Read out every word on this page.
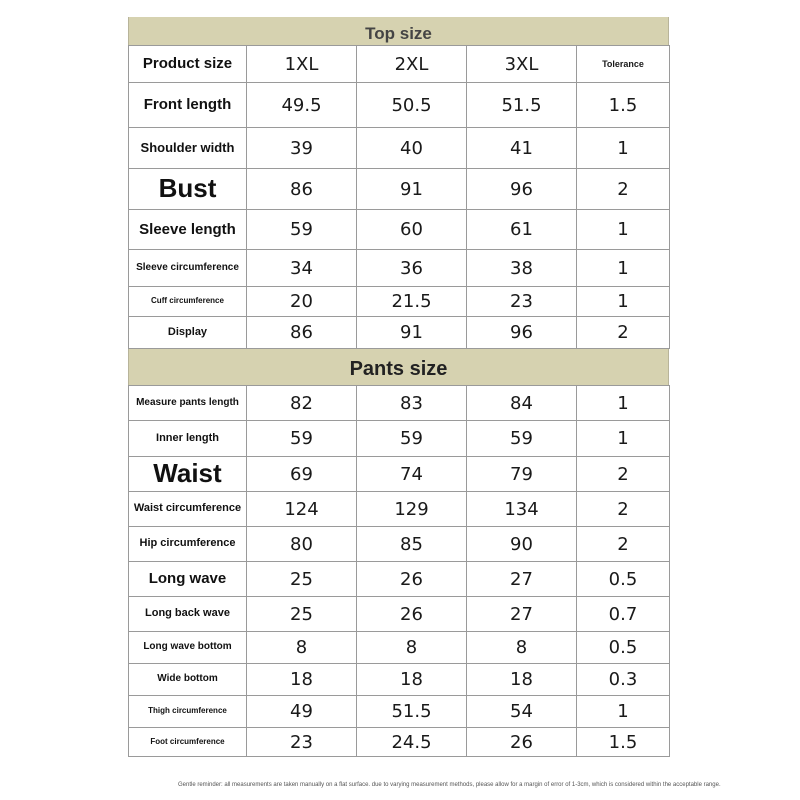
Top size
Product size	1XL	2XL	3XL	Tolerance
Front length	49.5	50.5	51.5	1.5
Shoulder width	39	40	41	1
Bust	86	91	96	2
Sleeve length	59	60	61	1
Sleeve circumference	34	36	38	1
Cuff circumference	20	21.5	23	1
Display	86	91	96	2
Pants size
Measure pants length	82	83	84	1
Inner length	59	59	59	1
Waist	69	74	79	2
Waist circumference	124	129	134	2
Hip circumference	80	85	90	2
Long wave	25	26	27	0.5
Long back wave	25	26	27	0.7
Long wave bottom	8	8	8	0.5
Wide bottom	18	18	18	0.3
Thigh circumference	49	51.5	54	1
Foot circumference	23	24.5	26	1.5
Gentle reminder: all measurements are taken manually on a flat surface. due to varying measurement methods, please allow for a margin of error of 1-3cm, which is considered within the acceptable range.
